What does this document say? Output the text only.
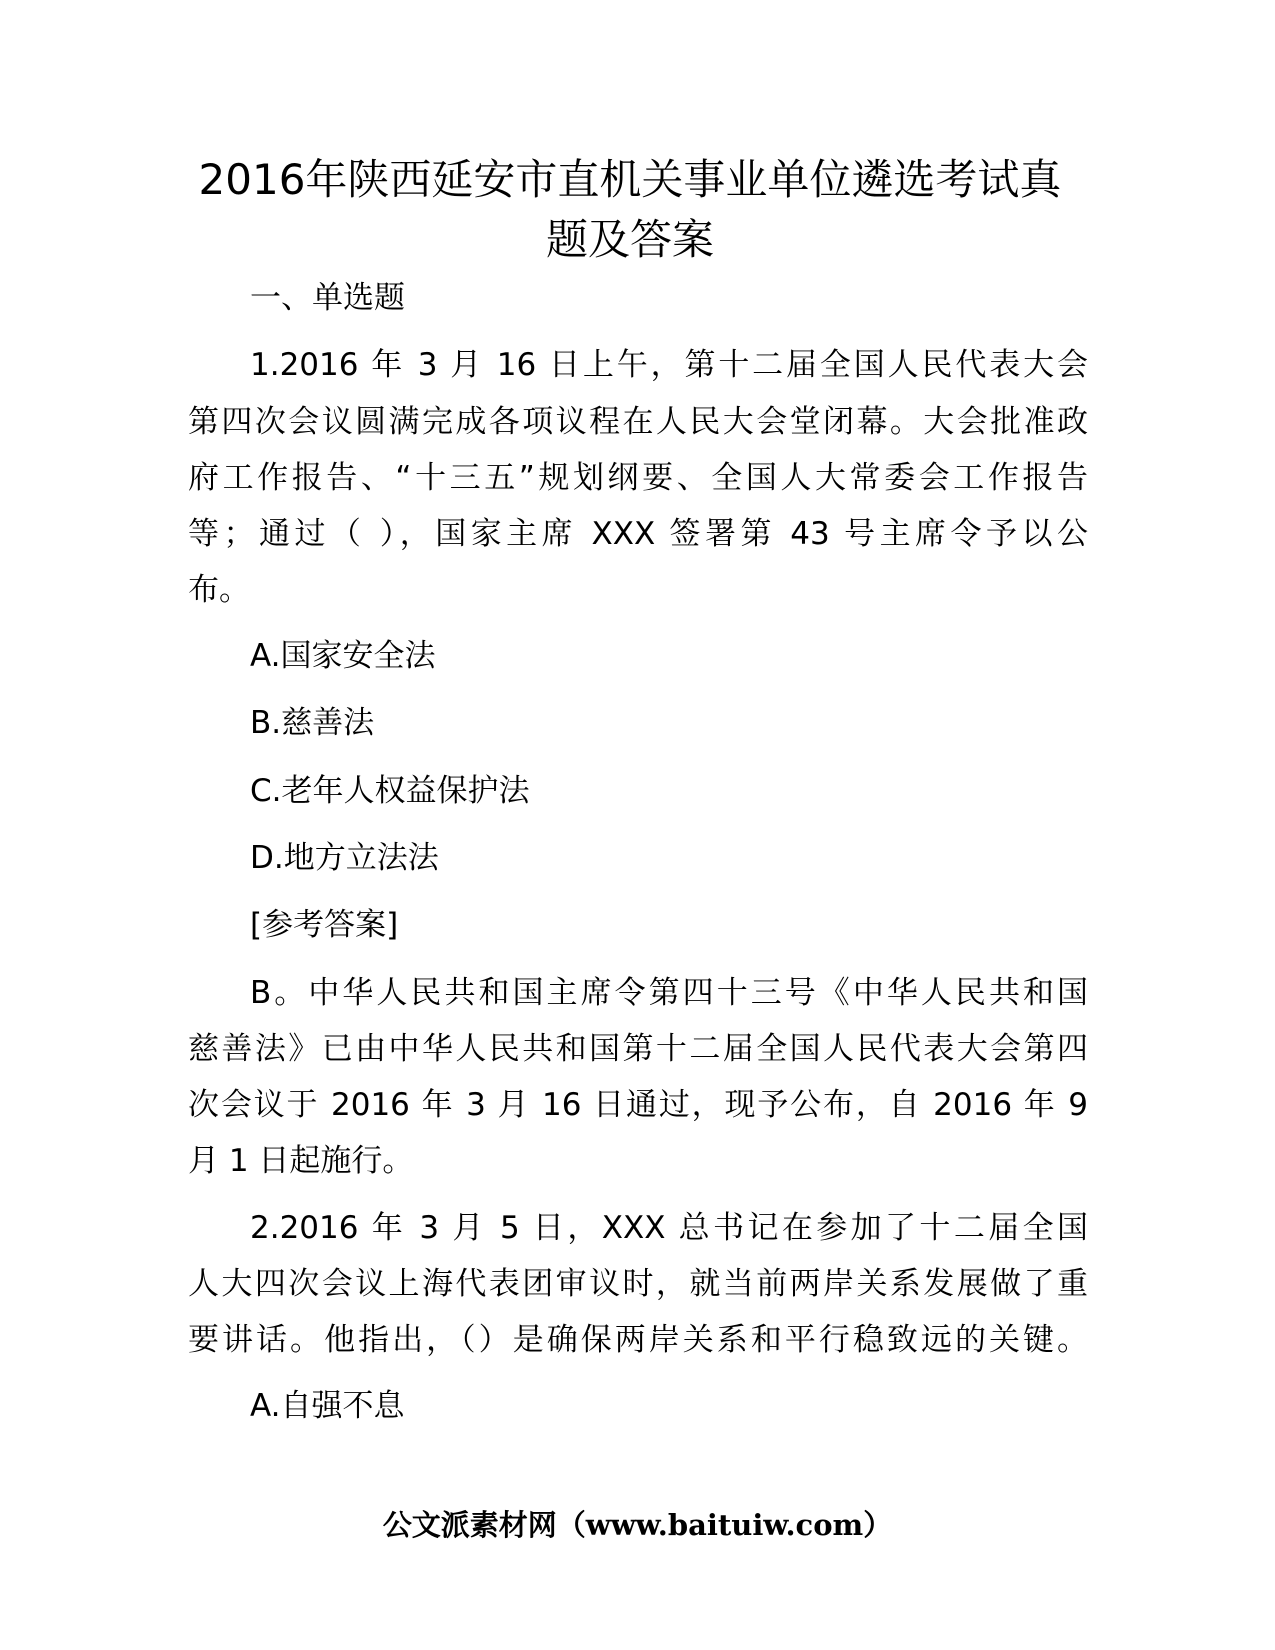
2016年陕西延安市直机关事业单位遴选考试真
题及答案

一、单选题

1.2016 年 3 月 16 日上午，第十二届全国人民代表大会

第四次会议圆满完成各项议程在人民大会堂闭幕。大会批准政

府工作报告、“十三五”规划纲要、全国人大常委会工作报告

等；通过（ ），国家主席 XXX 签署第 43 号主席令予以公

布。

A.国家安全法

B.慈善法

C.老年人权益保护法

D.地方立法法

[参考答案]

B。中华人民共和国主席令第四十三号《中华人民共和国

慈善法》已由中华人民共和国第十二届全国人民代表大会第四

次会议于 2016 年 3 月 16 日通过，现予公布，自 2016 年 9

月 1 日起施行。

2.2016 年 3 月 5 日，XXX 总书记在参加了十二届全国

人大四次会议上海代表团审议时，就当前两岸关系发展做了重

要讲话。他指出，（）是确保两岸关系和平行稳致远的关键。

A.自强不息

公文派素材网（www.baituiw.com）
